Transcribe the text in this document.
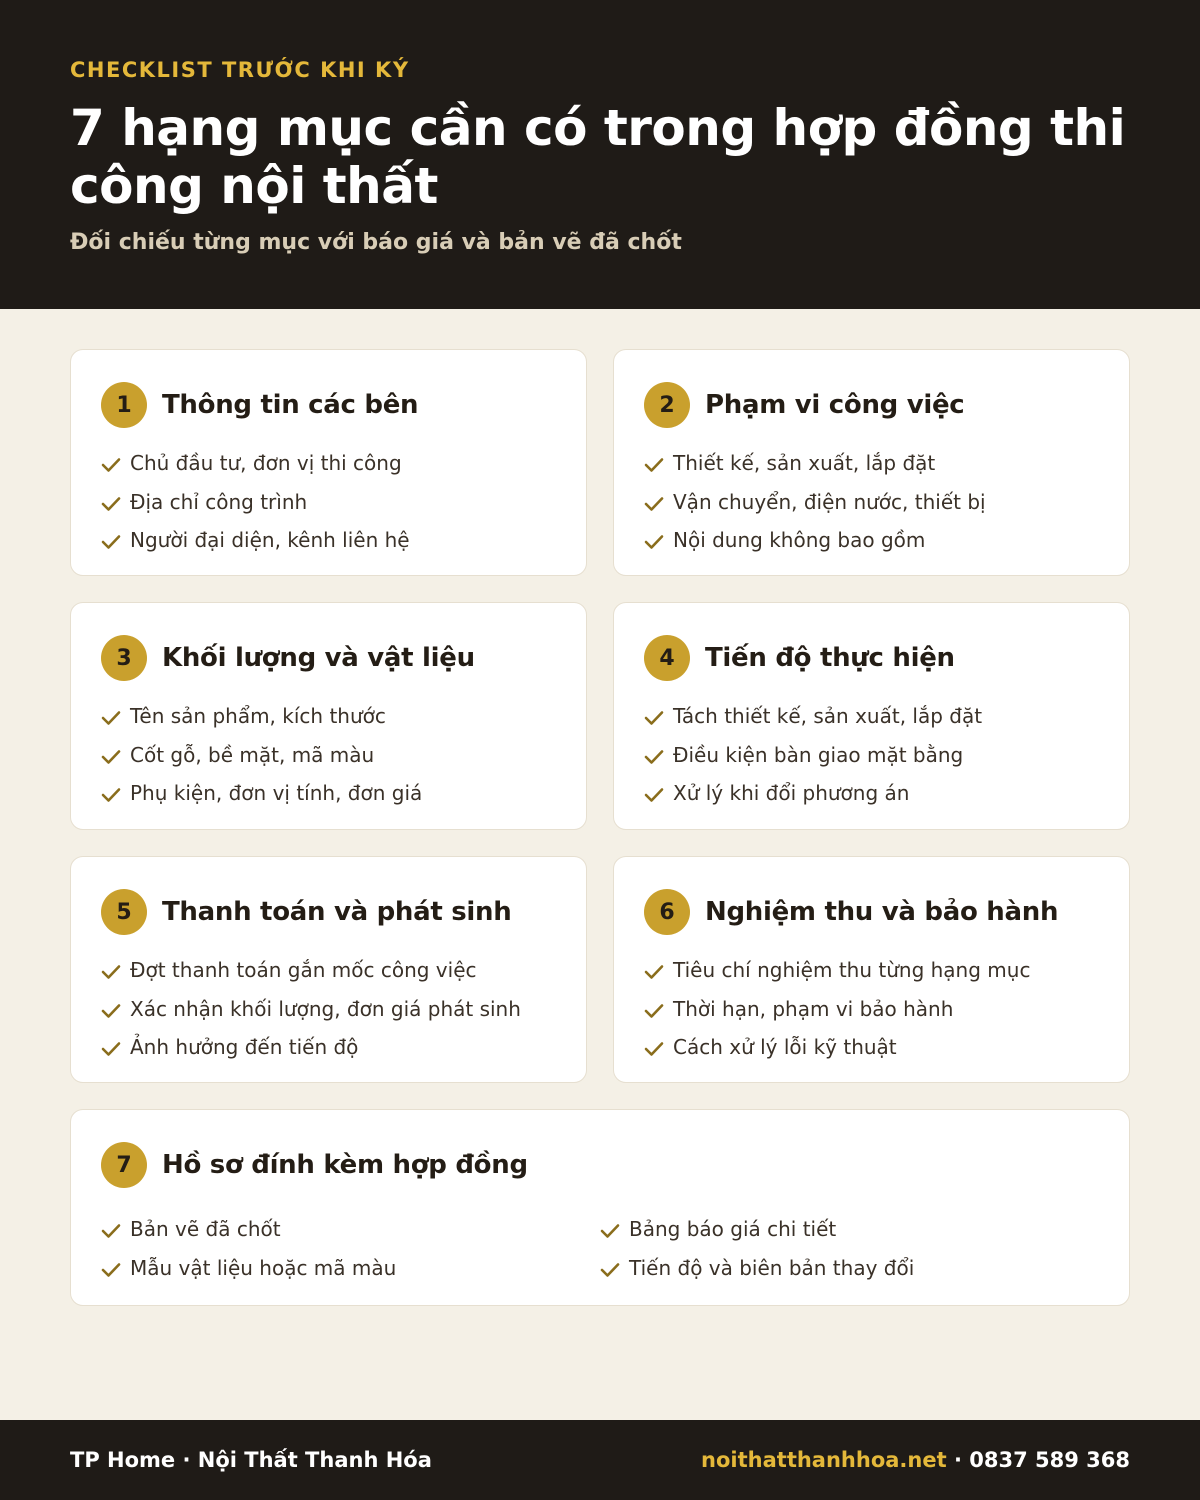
CHECKLIST TRƯỚC KHI KÝ
7 hạng mục cần có trong hợp đồng thi công nội thất
Đối chiếu từng mục với báo giá và bản vẽ đã chốt
1	Thông tin các bên
Chủ đầu tư, đơn vị thi công
Địa chỉ công trình
Người đại diện, kênh liên hệ
2	Phạm vi công việc
Thiết kế, sản xuất, lắp đặt
Vận chuyển, điện nước, thiết bị
Nội dung không bao gồm
3	Khối lượng và vật liệu
Tên sản phẩm, kích thước
Cốt gỗ, bề mặt, mã màu
Phụ kiện, đơn vị tính, đơn giá
4	Tiến độ thực hiện
Tách thiết kế, sản xuất, lắp đặt
Điều kiện bàn giao mặt bằng
Xử lý khi đổi phương án
5	Thanh toán và phát sinh
Đợt thanh toán gắn mốc công việc
Xác nhận khối lượng, đơn giá phát sinh
Ảnh hưởng đến tiến độ
6	Nghiệm thu và bảo hành
Tiêu chí nghiệm thu từng hạng mục
Thời hạn, phạm vi bảo hành
Cách xử lý lỗi kỹ thuật
7	Hồ sơ đính kèm hợp đồng
Bản vẽ đã chốt
Mẫu vật liệu hoặc mã màu
Bảng báo giá chi tiết
Tiến độ và biên bản thay đổi
TP Home · Nội Thất Thanh Hóa	noithatthanhhoa.net · 0837 589 368
